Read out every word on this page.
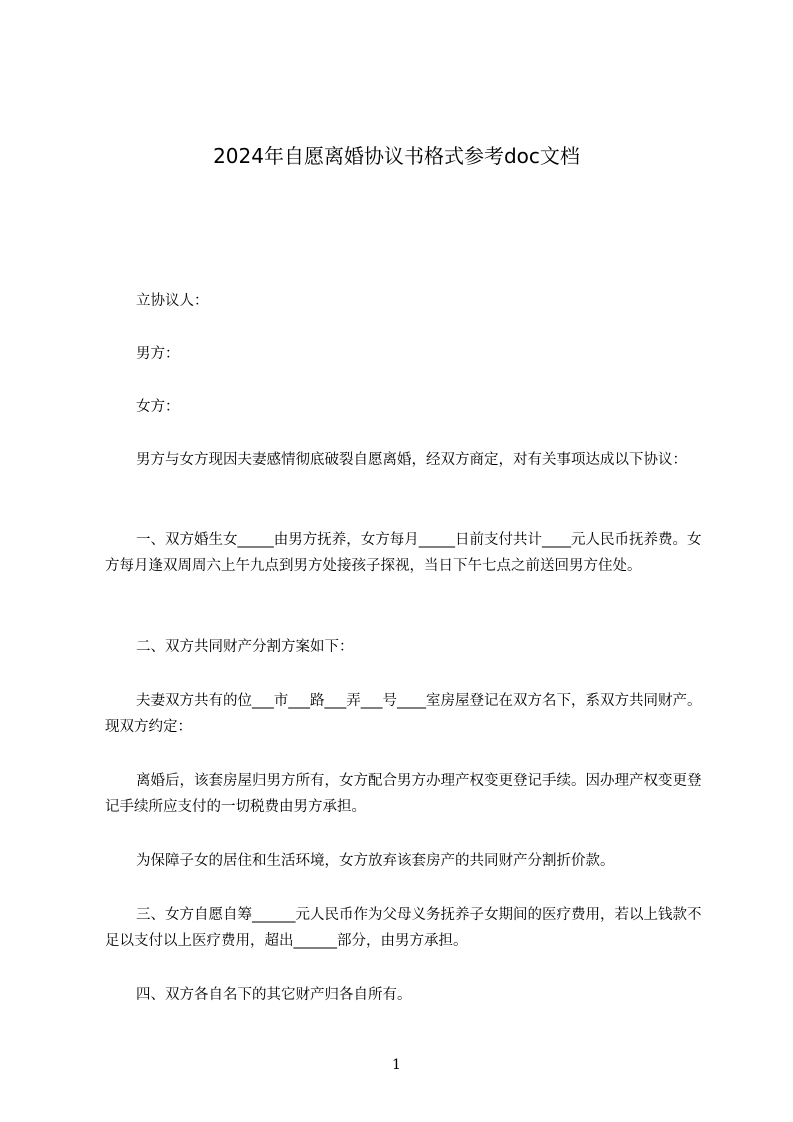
2024年自愿离婚协议书格式参考doc文档

立协议人：

男方：

女方：

男方与女方现因夫妻感情彻底破裂自愿离婚，经双方商定，对有关事项达成以下协议：

一、双方婚生女_____由男方抚养，女方每月_____日前支付共计____元人民币抚养费。女方每月逢双周周六上午九点到男方处接孩子探视，当日下午七点之前送回男方住处。

二、双方共同财产分割方案如下：

夫妻双方共有的位___市___路___弄___号____室房屋登记在双方名下，系双方共同财产。现双方约定：

离婚后，该套房屋归男方所有，女方配合男方办理产权变更登记手续。因办理产权变更登记手续所应支付的一切税费由男方承担。

为保障子女的居住和生活环境，女方放弃该套房产的共同财产分割折价款。

三、女方自愿自筹______元人民币作为父母义务抚养子女期间的医疗费用，若以上钱款不足以支付以上医疗费用，超出______部分，由男方承担。

四、双方各自名下的其它财产归各自所有。

1
